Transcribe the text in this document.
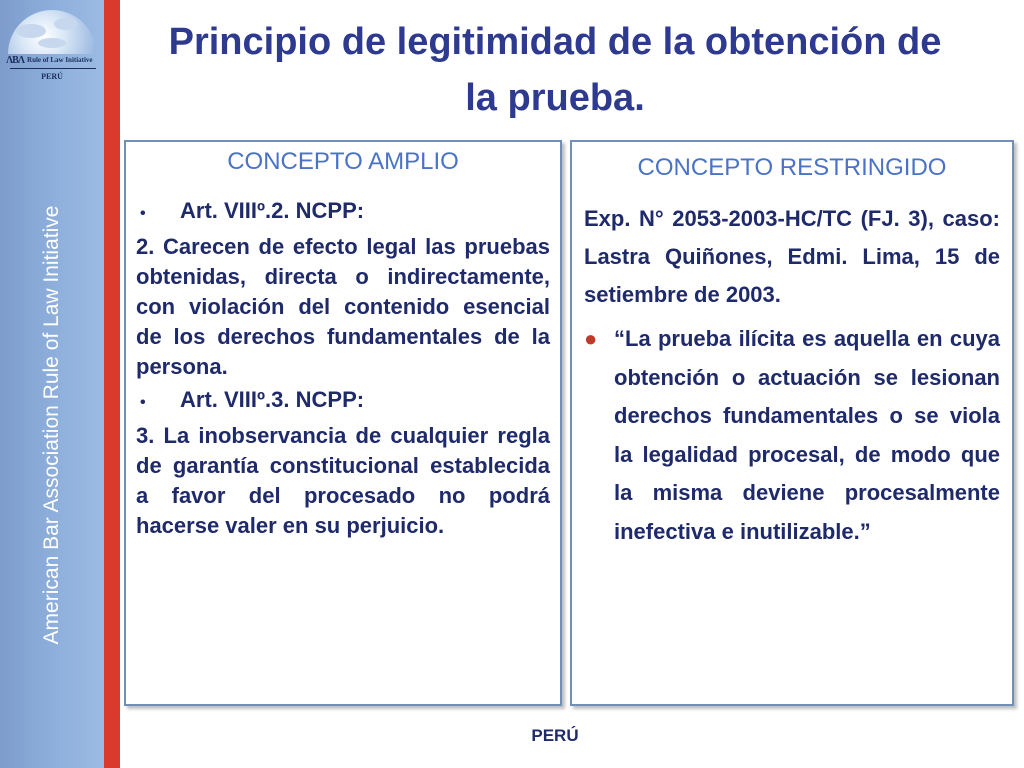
ΛBΛ Rule of Law Initiative
PERÚ
American Bar Association Rule of Law Initiative
Principio de legitimidad de la obtención de la prueba.
CONCEPTO AMPLIO
•	Art. VIIIº.2. NCPP:
2. Carecen de efecto legal las pruebas obtenidas, directa o indirectamente, con violación del contenido esencial de los derechos fundamentales de la persona.
•	Art. VIIIº.3. NCPP:
3. La inobservancia de cualquier regla de garantía constitucional establecida a favor del procesado no podrá hacerse valer en su perjuicio.
CONCEPTO RESTRINGIDO
Exp. N° 2053-2003-HC/TC (FJ. 3), caso: Lastra Quiñones, Edmi. Lima, 15 de setiembre de 2003.
● “La prueba ilícita es aquella en cuya obtención o actuación se lesionan derechos fundamentales o se viola la legalidad procesal, de modo que la misma deviene procesalmente inefectiva e inutilizable.”
PERÚ
